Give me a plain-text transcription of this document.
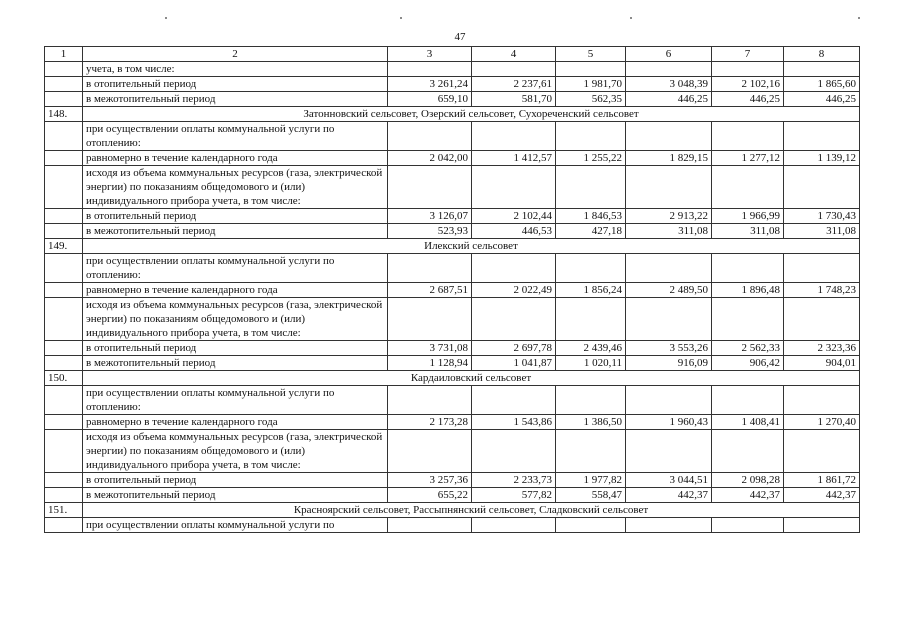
47
1	2	3	4	5	6	7	8
	учета, в том числе:						
	в отопительный период	3 261,24	2 237,61	1 981,70	3 048,39	2 102,16	1 865,60
	в межотопительный период	659,10	581,70	562,35	446,25	446,25	446,25
148.	Затонновский сельсовет, Озерский сельсовет, Сухореченский сельсовет						
	при осуществлении оплаты коммунальной услуги по отоплению:						
	равномерно в течение календарного года	2 042,00	1 412,57	1 255,22	1 829,15	1 277,12	1 139,12
	исходя из объема коммунальных ресурсов (газа, электрической энергии) по показаниям общедомового и (или) индивидуального прибора учета, в том числе:						
	в отопительный период	3 126,07	2 102,44	1 846,53	2 913,22	1 966,99	1 730,43
	в межотопительный период	523,93	446,53	427,18	311,08	311,08	311,08
149.	Илекский сельсовет						
	при осуществлении оплаты коммунальной услуги по отоплению:						
	равномерно в течение календарного года	2 687,51	2 022,49	1 856,24	2 489,50	1 896,48	1 748,23
	исходя из объема коммунальных ресурсов (газа, электрической энергии) по показаниям общедомового и (или) индивидуального прибора учета, в том числе:						
	в отопительный период	3 731,08	2 697,78	2 439,46	3 553,26	2 562,33	2 323,36
	в межотопительный период	1 128,94	1 041,87	1 020,11	916,09	906,42	904,01
150.	Кардаиловский сельсовет						
	при осуществлении оплаты коммунальной услуги по отоплению:						
	равномерно в течение календарного года	2 173,28	1 543,86	1 386,50	1 960,43	1 408,41	1 270,40
	исходя из объема коммунальных ресурсов (газа, электрической энергии) по показаниям общедомового и (или) индивидуального прибора учета, в том числе:						
	в отопительный период	3 257,36	2 233,73	1 977,82	3 044,51	2 098,28	1 861,72
	в межотопительный период	655,22	577,82	558,47	442,37	442,37	442,37
151.	Красноярский сельсовет, Рассыпнянский сельсовет, Сладковский сельсовет						
	при осуществлении оплаты коммунальной услуги по						
